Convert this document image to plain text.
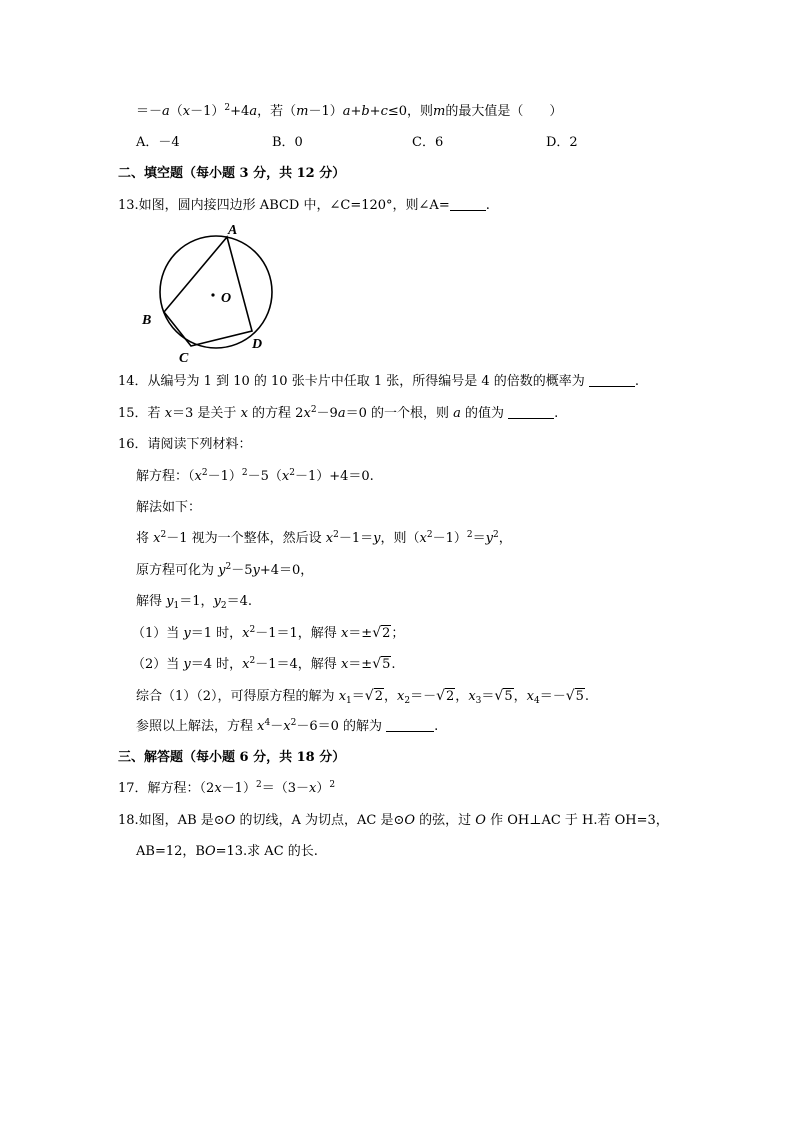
$=-a(x-1)^2+4a$，若（m－1）a+b+c≤0，则m的最大值是（　　）
A．－4	B．0	C．6	D．2
二、填空题（每小题 3 分，共 12 分）
13.如图，圆内接四边形 ABCD 中，∠C=120°，则∠A=	.
A
O
B
C
D
14．从编号为 1 到 10 的 10 张卡片中任取 1 张，所得编号是 4 的倍数的概率为	.
15．若 x＝3 是关于 x 的方程 $2x^2-9a=0$ 的一个根，则 a 的值为	.
16．请阅读下列材料：
解方程：$(x^2-1)^2-5(x^2-1)+4=0$.
解法如下：
将 $x^2-1$ 视为一个整体，然后设 $x^2-1=y$，则$(x^2-1)^2=y^2$，
原方程可化为 $y^2-5y+4=0$，
解得 $y_1=1$，$y_2=4$.
（1）当 y＝1 时，$x^2-1=1$，解得 x＝±√2；
（2）当 y＝4 时，$x^2-1=4$，解得 x＝±√5.
综合（1）（2），可得原方程的解为 $x_1=√2$，$x_2=-√2$，$x_3=√5$，$x_4=-√5$.
参照以上解法，方程 $x^4-x^2-6=0$ 的解为	.
三、解答题（每小题 6 分，共 18 分）
17．解方程：$(2x-1)^2=(3-x)^2$
18.如图，AB 是⊙O 的切线，A 为切点，AC 是⊙O 的弦，过 O 作 OH⊥AC 于 H.若 OH=3，
AB=12，BO=13.求 AC 的长.
